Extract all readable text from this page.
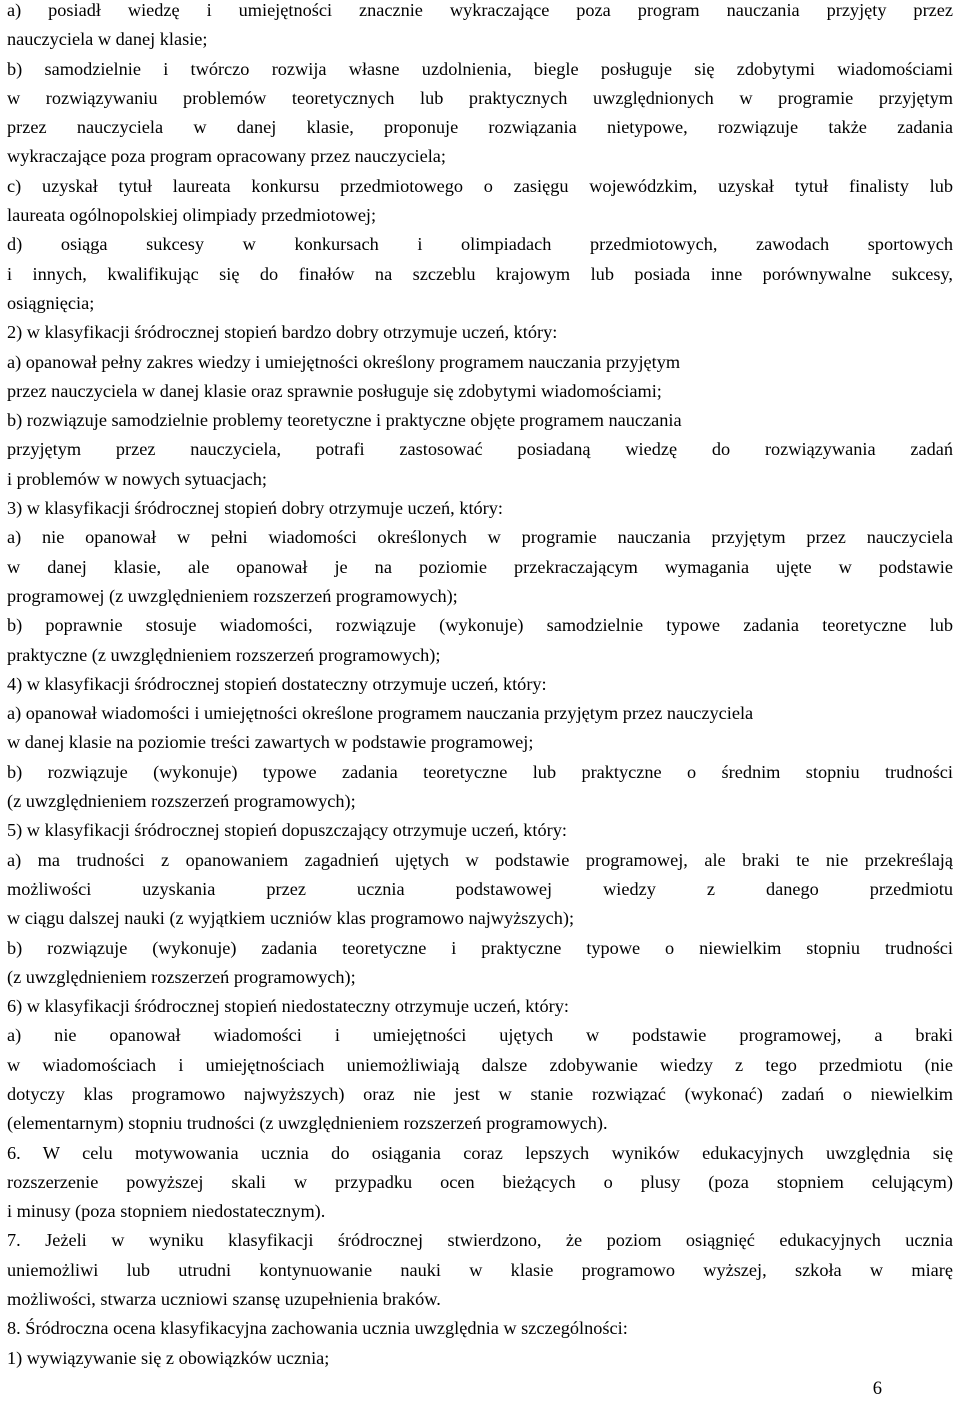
a) posiadł wiedzę i umiejętności znacznie wykraczające poza program nauczania przyjęty przez
nauczyciela w danej klasie;
b) samodzielnie i twórczo rozwija własne uzdolnienia, biegle posługuje się zdobytymi wiadomościami
w rozwiązywaniu problemów teoretycznych lub praktycznych uwzględnionych w programie przyjętym
przez nauczyciela w danej klasie, proponuje rozwiązania nietypowe, rozwiązuje także zadania
wykraczające poza program opracowany przez nauczyciela;
c) uzyskał tytuł laureata konkursu przedmiotowego o zasięgu wojewódzkim, uzyskał tytuł finalisty lub
laureata ogólnopolskiej olimpiady przedmiotowej;
d) osiąga sukcesy w konkursach i olimpiadach przedmiotowych, zawodach sportowych
i innych, kwalifikując się do finałów na szczeblu krajowym lub posiada inne porównywalne sukcesy,
osiągnięcia;
2) w klasyfikacji śródrocznej stopień bardzo dobry otrzymuje uczeń, który:
a) opanował pełny zakres wiedzy i umiejętności określony programem nauczania przyjętym
przez nauczyciela w danej klasie oraz sprawnie posługuje się zdobytymi wiadomościami;
b) rozwiązuje samodzielnie problemy teoretyczne i praktyczne objęte programem nauczania
przyjętym przez nauczyciela, potrafi zastosować posiadaną wiedzę do rozwiązywania zadań
i problemów w nowych sytuacjach;
3) w klasyfikacji śródrocznej stopień dobry otrzymuje uczeń, który:
a) nie opanował w pełni wiadomości określonych w programie nauczania przyjętym przez nauczyciela
w danej klasie, ale opanował je na poziomie przekraczającym wymagania ujęte w podstawie
programowej (z uwzględnieniem rozszerzeń programowych);
b) poprawnie stosuje wiadomości, rozwiązuje (wykonuje) samodzielnie typowe zadania teoretyczne lub
praktyczne (z uwzględnieniem rozszerzeń programowych);
4) w klasyfikacji śródrocznej stopień dostateczny otrzymuje uczeń, który:
a) opanował wiadomości i umiejętności określone programem nauczania przyjętym przez nauczyciela
w danej klasie na poziomie treści zawartych w podstawie programowej;
b) rozwiązuje (wykonuje) typowe zadania teoretyczne lub praktyczne o średnim stopniu trudności
(z uwzględnieniem rozszerzeń programowych);
5) w klasyfikacji śródrocznej stopień dopuszczający otrzymuje uczeń, który:
a) ma trudności z opanowaniem zagadnień ujętych w podstawie programowej, ale braki te nie przekreślają
możliwości uzyskania przez ucznia podstawowej wiedzy z danego przedmiotu
w ciągu dalszej nauki (z wyjątkiem uczniów klas programowo najwyższych);
b) rozwiązuje (wykonuje) zadania teoretyczne i praktyczne typowe o niewielkim stopniu trudności
(z uwzględnieniem rozszerzeń programowych);
6) w klasyfikacji śródrocznej stopień niedostateczny otrzymuje uczeń, który:
a) nie opanował wiadomości i umiejętności ujętych w podstawie programowej, a braki
w wiadomościach i umiejętnościach uniemożliwiają dalsze zdobywanie wiedzy z tego przedmiotu (nie
dotyczy klas programowo najwyższych) oraz nie jest w stanie rozwiązać (wykonać) zadań o niewielkim
(elementarnym) stopniu trudności (z uwzględnieniem rozszerzeń programowych).
6. W celu motywowania ucznia do osiągania coraz lepszych wyników edukacyjnych uwzględnia się
rozszerzenie powyższej skali w przypadku ocen bieżących o plusy (poza stopniem celującym)
i minusy (poza stopniem niedostatecznym).
7. Jeżeli w wyniku klasyfikacji śródrocznej stwierdzono, że poziom osiągnięć edukacyjnych ucznia
uniemożliwi lub utrudni kontynuowanie nauki w klasie programowo wyższej, szkoła w miarę
możliwości, stwarza uczniowi szansę uzupełnienia braków.
8. Śródroczna ocena klasyfikacyjna zachowania ucznia uwzględnia w szczególności:
1) wywiązywanie się z obowiązków ucznia;
6
